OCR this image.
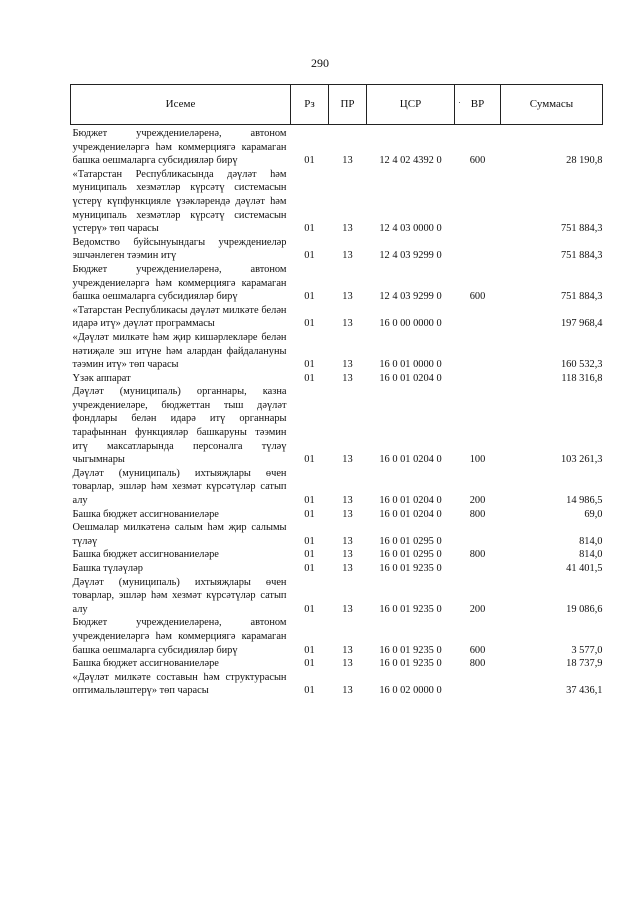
290
Исеме	Рз	ПР	ЦСР	ВР	Суммасы
Бюджет учреждениеләренә, автоном учреждениеләргә һәм коммерциягә карамаган башка оешмаларга субсидияләр бирү	01	13	12 4 02 4392 0	600	28 190,8
«Татарстан Республикасында дәүләт һәм муниципаль хезмәтләр күрсәтү системасын үстерү күпфункцияле үзәкләрендә дәүләт һәм муниципаль хезмәтләр күрсәтү системасын үстерү» төп чарасы	01	13	12 4 03 0000 0		751 884,3
Ведомство буйсынуындагы учреждениеләр эшчәнлеген тәэмин итү	01	13	12 4 03 9299 0		751 884,3
Бюджет учреждениеләренә, автоном учреждениеләргә һәм коммерциягә карамаган башка оешмаларга субсидияләр бирү	01	13	12 4 03 9299 0	600	751 884,3
«Татарстан Республикасы дәүләт милкәте белән идарә итү» дәүләт программасы	01	13	16 0 00 0000 0		197 968,4
«Дәүләт милкәте һәм җир кишәрлекләре белән нәтиҗәле эш итүне һәм алардан файдалануны тәэмин итү» төп чарасы	01	13	16 0 01 0000 0		160 532,3
Үзәк аппарат	01	13	16 0 01 0204 0		118 316,8
Дәүләт (муниципаль) органнары, казна учреждениеләре, бюджеттан тыш дәүләт фондлары белән идарә итү органнары тарафыннан функцияләр башкаруны тәэмин итү максатларында персоналга түләү чыгымнары	01	13	16 0 01 0204 0	100	103 261,3
Дәүләт (муниципаль) ихтыяҗлары өчен товарлар, эшләр һәм хезмәт күрсәтүләр сатып алу	01	13	16 0 01 0204 0	200	14 986,5
Башка бюджет ассигнованиеләре	01	13	16 0 01 0204 0	800	69,0
Оешмалар милкәтенә салым һәм җир салымы түләү	01	13	16 0 01 0295 0		814,0
Башка бюджет ассигнованиеләре	01	13	16 0 01 0295 0	800	814,0
Башка түләүләр	01	13	16 0 01 9235 0		41 401,5
Дәүләт (муниципаль) ихтыяҗлары өчен товарлар, эшләр һәм хезмәт күрсәтүләр сатып алу	01	13	16 0 01 9235 0	200	19 086,6
Бюджет учреждениеләренә, автоном учреждениеләргә һәм коммерциягә карамаган башка оешмаларга субсидияләр бирү	01	13	16 0 01 9235 0	600	3 577,0
Башка бюджет ассигнованиеләре	01	13	16 0 01 9235 0	800	18 737,9
«Дәүләт милкәте составын һәм структурасын оптимальләштерү» төп чарасы	01	13	16 0 02 0000 0		37 436,1
